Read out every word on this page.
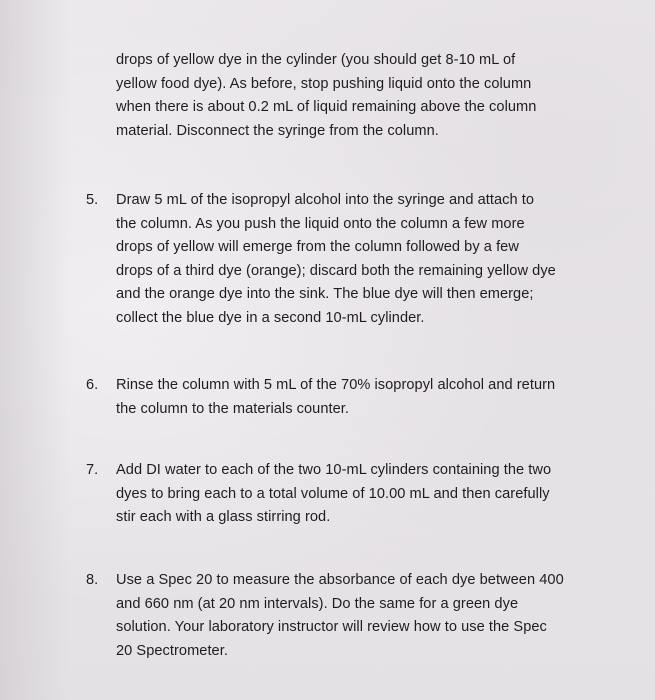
drops of yellow dye in the cylinder (you should get 8-10 mL of
yellow food dye). As before, stop pushing liquid onto the column
when there is about 0.2 mL of liquid remaining above the column
material. Disconnect the syringe from the column.
5. Draw 5 mL of the isopropyl alcohol into the syringe and attach to
the column. As you push the liquid onto the column a few more
drops of yellow will emerge from the column followed by a few
drops of a third dye (orange); discard both the remaining yellow dye
and the orange dye into the sink. The blue dye will then emerge;
collect the blue dye in a second 10-mL cylinder.
6. Rinse the column with 5 mL of the 70% isopropyl alcohol and return
the column to the materials counter.
7. Add DI water to each of the two 10-mL cylinders containing the two
dyes to bring each to a total volume of 10.00 mL and then carefully
stir each with a glass stirring rod.
8. Use a Spec 20 to measure the absorbance of each dye between 400
and 660 nm (at 20 nm intervals). Do the same for a green dye
solution. Your laboratory instructor will review how to use the Spec
20 Spectrometer.
